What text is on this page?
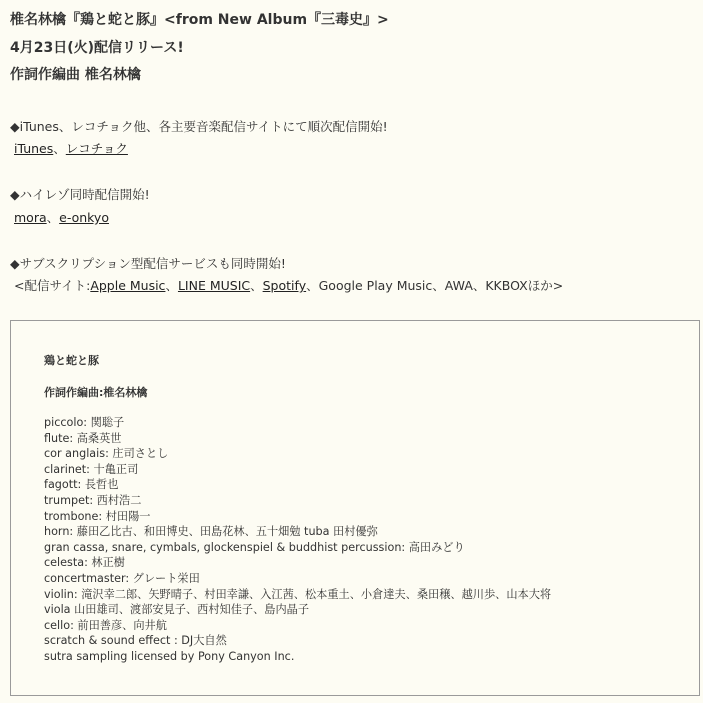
椎名林檎『鶏と蛇と豚』<from New Album『三毒史』>
4月23日(火)配信リリース!
作詞作編曲 椎名林檎
◆iTunes、レコチョク他、各主要音楽配信サイトにて順次配信開始!
iTunes、レコチョク
◆ハイレゾ同時配信開始!
mora、e-onkyo
◆サブスクリプション型配信サービスも同時開始!
<配信サイト:Apple Music、LINE MUSIC、Spotify、Google Play Music、AWA、KKBOXほか>
鶏と蛇と豚
作詞作編曲:椎名林檎
piccolo: 関聡子
flute: 高桑英世
cor anglais: 庄司さとし
clarinet: 十亀正司
fagott: 長哲也
trumpet: 西村浩二
trombone: 村田陽一
horn: 藤田乙比古、和田博史、田島花林、五十畑勉 tuba 田村優弥
gran cassa, snare, cymbals, glockenspiel & buddhist percussion: 高田みどり
celesta: 林正樹
concertmaster: グレート栄田
violin: 滝沢幸二郎、矢野晴子、村田幸謙、入江茜、松本重土、小倉達夫、桑田穣、越川歩、山本大将
viola 山田雄司、渡部安見子、西村知佳子、島内晶子
cello: 前田善彦、向井航
scratch & sound effect : DJ大自然
sutra sampling licensed by Pony Canyon Inc.
